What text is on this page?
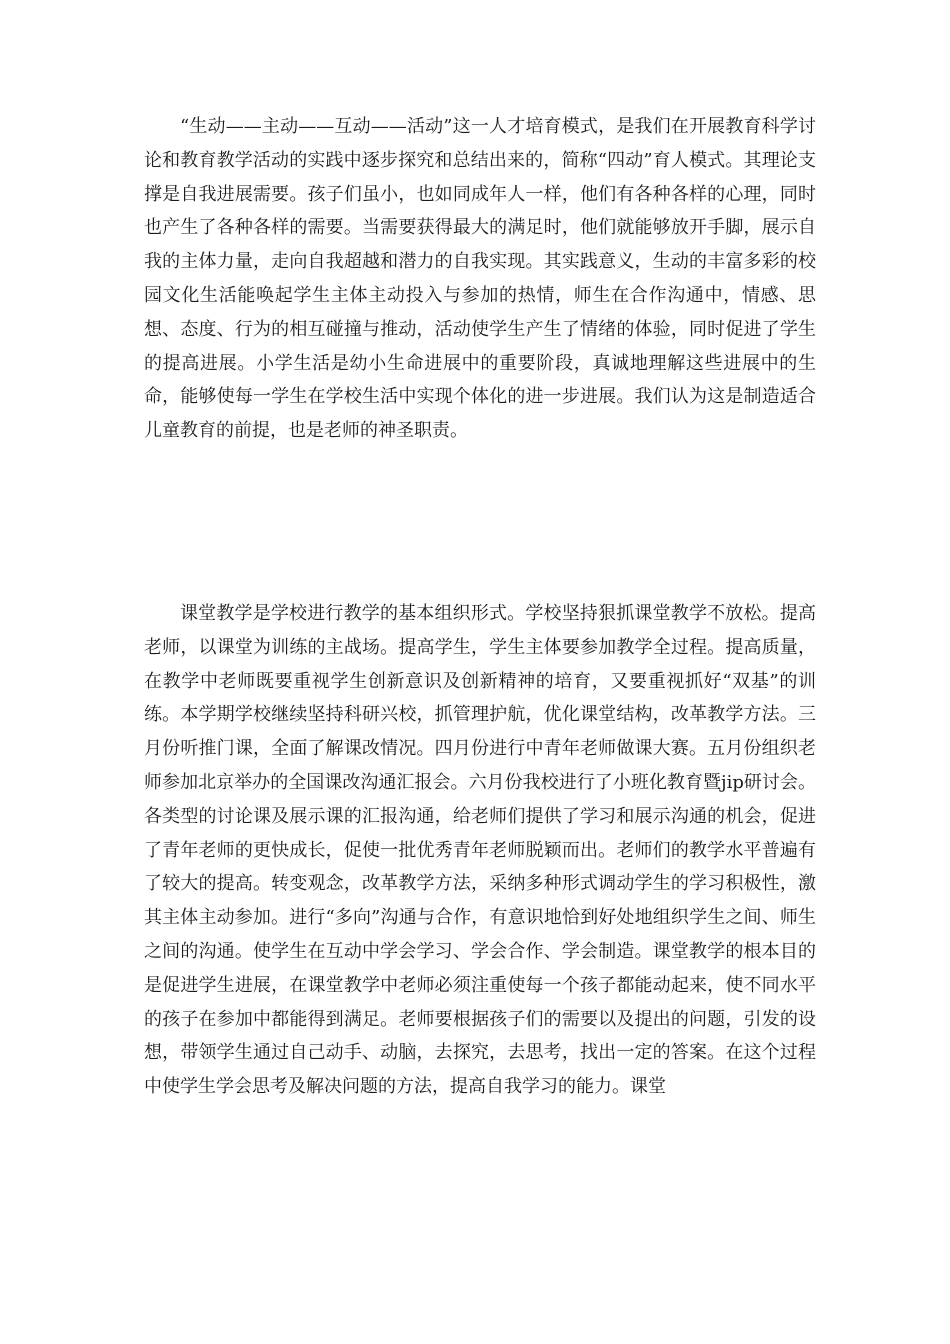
“生动——主动——互动——活动”这一人才培育模式，是我们在开展教育科学讨论和教育教学活动的实践中逐步探究和总结出来的，简称“四动”育人模式。其理论支撑是自我进展需要。孩子们虽小，也如同成年人一样，他们有各种各样的心理，同时也产生了各种各样的需要。当需要获得最大的满足时，他们就能够放开手脚，展示自我的主体力量，走向自我超越和潜力的自我实现。其实践意义，生动的丰富多彩的校园文化生活能唤起学生主体主动投入与参加的热情，师生在合作沟通中，情感、思想、态度、行为的相互碰撞与推动，活动使学生产生了情绪的体验，同时促进了学生的提高进展。小学生活是幼小生命进展中的重要阶段，真诚地理解这些进展中的生命，能够使每一学生在学校生活中实现个体化的进一步进展。我们认为这是制造适合儿童教育的前提，也是老师的神圣职责。

课堂教学是学校进行教学的基本组织形式。学校坚持狠抓课堂教学不放松。提高老师，以课堂为训练的主战场。提高学生，学生主体要参加教学全过程。提高质量，在教学中老师既要重视学生创新意识及创新精神的培育，又要重视抓好“双基”的训练。本学期学校继续坚持科研兴校，抓管理护航，优化课堂结构，改革教学方法。三月份听推门课，全面了解课改情况。四月份进行中青年老师做课大赛。五月份组织老师参加北京举办的全国课改沟通汇报会。六月份我校进行了小班化教育暨jip研讨会。各类型的讨论课及展示课的汇报沟通，给老师们提供了学习和展示沟通的机会，促进了青年老师的更快成长，促使一批优秀青年老师脱颖而出。老师们的教学水平普遍有了较大的提高。转变观念，改革教学方法，采纳多种形式调动学生的学习积极性，激其主体主动参加。进行“多向”沟通与合作，有意识地恰到好处地组织学生之间、师生之间的沟通。使学生在互动中学会学习、学会合作、学会制造。课堂教学的根本目的是促进学生进展，在课堂教学中老师必须注重使每一个孩子都能动起来，使不同水平的孩子在参加中都能得到满足。老师要根据孩子们的需要以及提出的问题，引发的设想，带领学生通过自己动手、动脑，去探究，去思考，找出一定的答案。在这个过程中使学生学会思考及解决问题的方法，提高自我学习的能力。课堂
